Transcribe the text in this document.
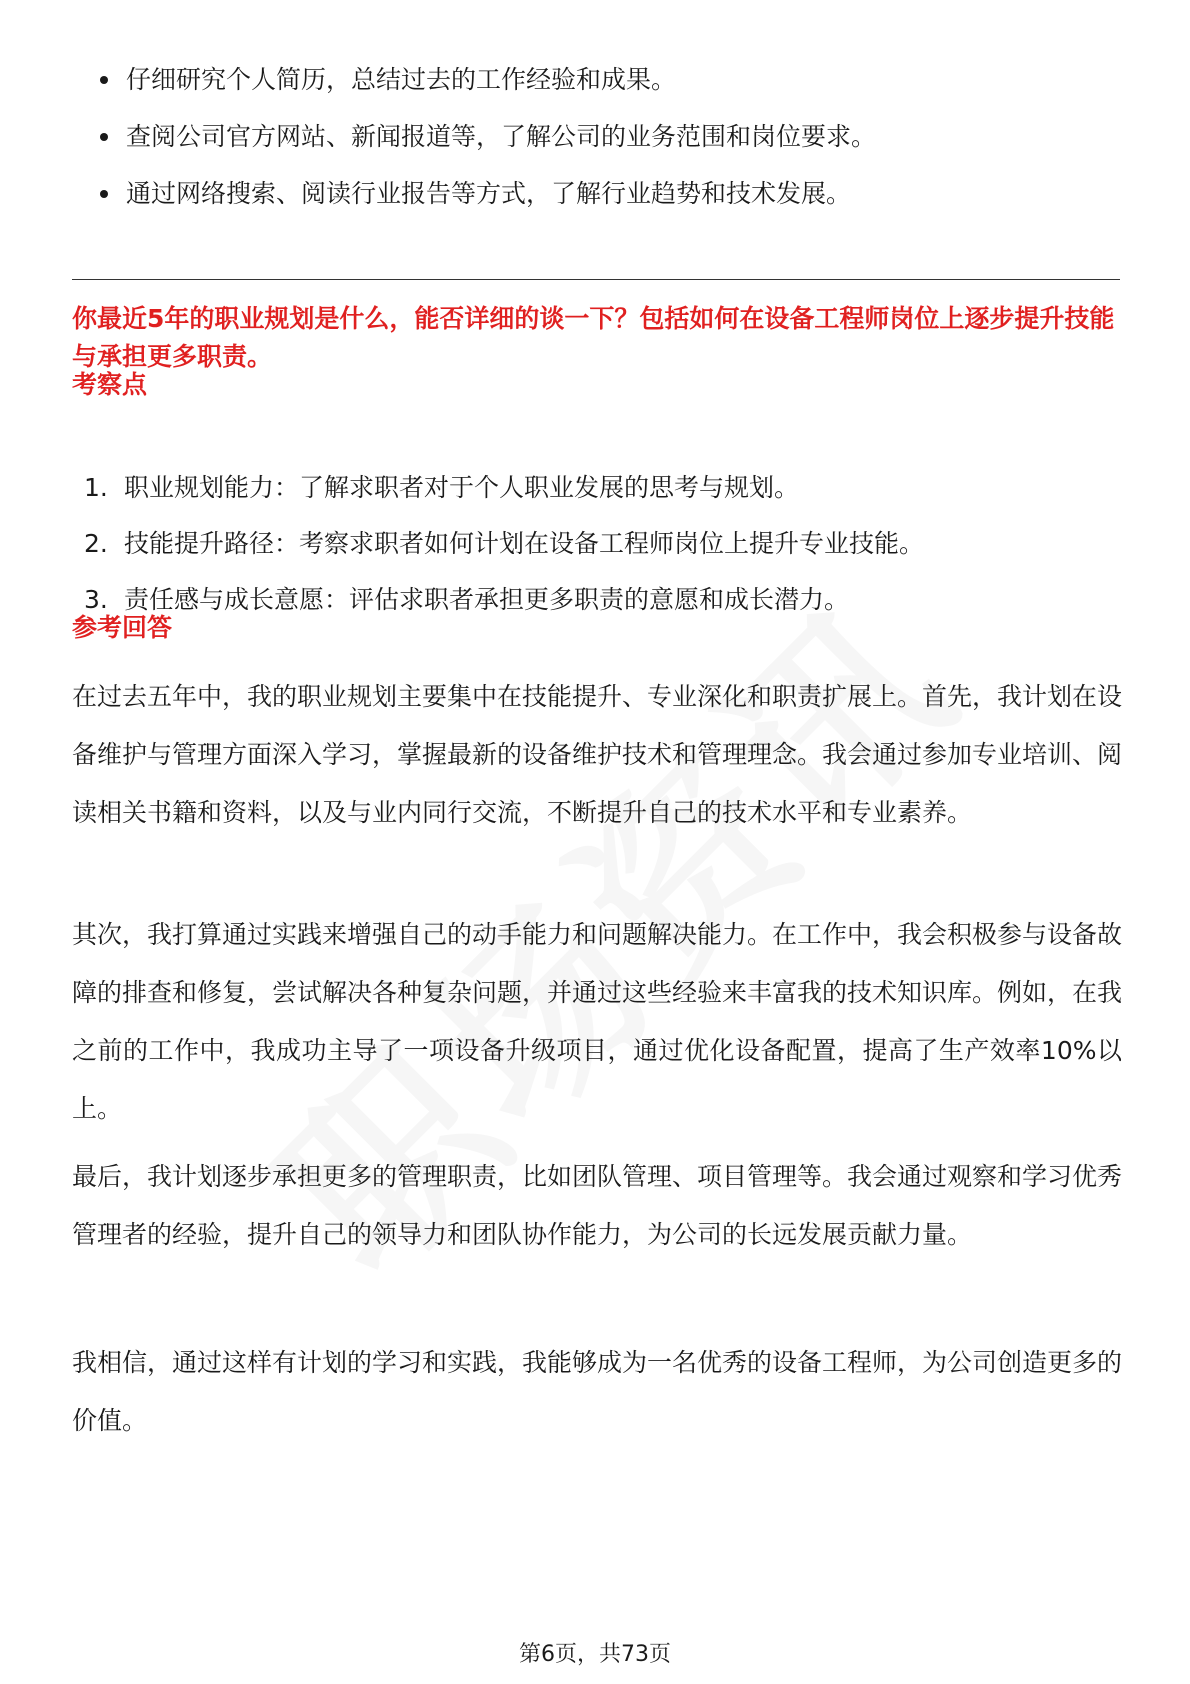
仔细研究个人简历，总结过去的工作经验和成果。
查阅公司官方网站、新闻报道等，了解公司的业务范围和岗位要求。
通过网络搜索、阅读行业报告等方式，了解行业趋势和技术发展。
你最近5年的职业规划是什么，能否详细的谈一下？包括如何在设备工程师岗位上逐步提升技能与承担更多职责。
考察点
1. 职业规划能力：了解求职者对于个人职业发展的思考与规划。
2. 技能提升路径：考察求职者如何计划在设备工程师岗位上提升专业技能。
3. 责任感与成长意愿：评估求职者承担更多职责的意愿和成长潜力。
参考回答

在过去五年中，我的职业规划主要集中在技能提升、专业深化和职责扩展上。首先，我计划在设备维护与管理方面深入学习，掌握最新的设备维护技术和管理理念。我会通过参加专业培训、阅读相关书籍和资料，以及与业内同行交流，不断提升自己的技术水平和专业素养。

其次，我打算通过实践来增强自己的动手能力和问题解决能力。在工作中，我会积极参与设备故障的排查和修复，尝试解决各种复杂问题，并通过这些经验来丰富我的技术知识库。例如，在我之前的工作中，我成功主导了一项设备升级项目，通过优化设备配置，提高了生产效率10%以上。

最后，我计划逐步承担更多的管理职责，比如团队管理、项目管理等。我会通过观察和学习优秀管理者的经验，提升自己的领导力和团队协作能力，为公司的长远发展贡献力量。

我相信，通过这样有计划的学习和实践，我能够成为一名优秀的设备工程师，为公司创造更多的价值。

第6页，共73页
